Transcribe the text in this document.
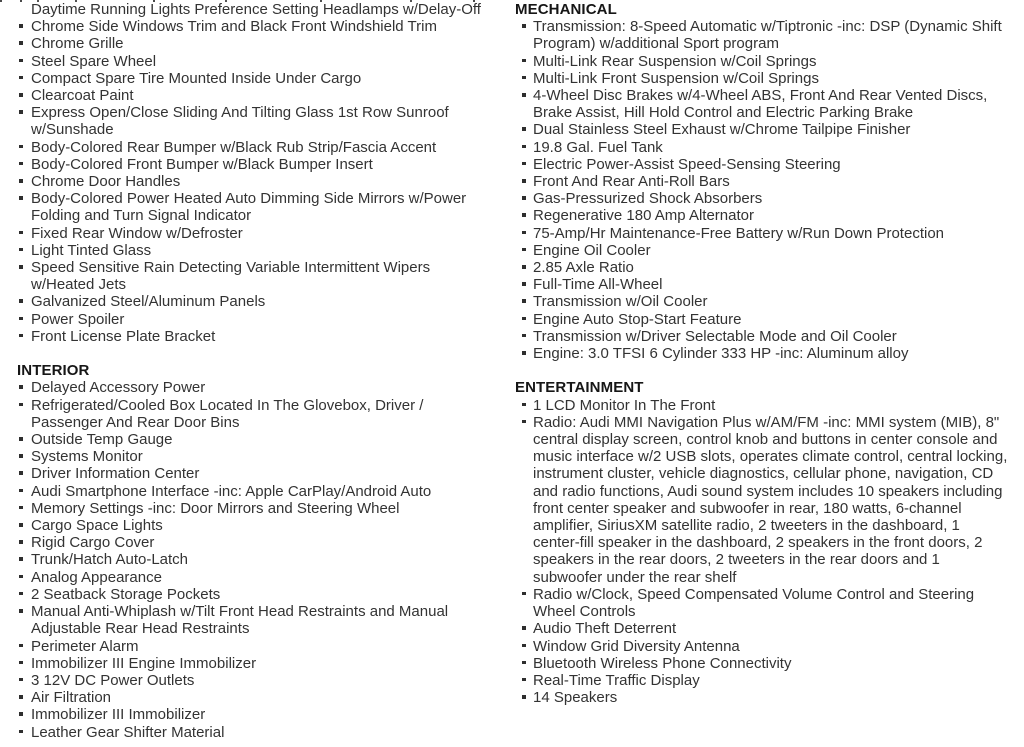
Daytime Running Lights Preference Setting Headlamps w/Delay-Off
Chrome Side Windows Trim and Black Front Windshield Trim
Chrome Grille
Steel Spare Wheel
Compact Spare Tire Mounted Inside Under Cargo
Clearcoat Paint
Express Open/Close Sliding And Tilting Glass 1st Row Sunroof w/Sunshade
Body-Colored Rear Bumper w/Black Rub Strip/Fascia Accent
Body-Colored Front Bumper w/Black Bumper Insert
Chrome Door Handles
Body-Colored Power Heated Auto Dimming Side Mirrors w/Power Folding and Turn Signal Indicator
Fixed Rear Window w/Defroster
Light Tinted Glass
Speed Sensitive Rain Detecting Variable Intermittent Wipers w/Heated Jets
Galvanized Steel/Aluminum Panels
Power Spoiler
Front License Plate Bracket
INTERIOR
Delayed Accessory Power
Refrigerated/Cooled Box Located In The Glovebox, Driver / Passenger And Rear Door Bins
Outside Temp Gauge
Systems Monitor
Driver Information Center
Audi Smartphone Interface -inc: Apple CarPlay/Android Auto
Memory Settings -inc: Door Mirrors and Steering Wheel
Cargo Space Lights
Rigid Cargo Cover
Trunk/Hatch Auto-Latch
Analog Appearance
2 Seatback Storage Pockets
Manual Anti-Whiplash w/Tilt Front Head Restraints and Manual Adjustable Rear Head Restraints
Perimeter Alarm
Immobilizer III Engine Immobilizer
3 12V DC Power Outlets
Air Filtration
Immobilizer III Immobilizer
Leather Gear Shifter Material
MECHANICAL
Transmission: 8-Speed Automatic w/Tiptronic -inc: DSP (Dynamic Shift Program) w/additional Sport program
Multi-Link Rear Suspension w/Coil Springs
Multi-Link Front Suspension w/Coil Springs
4-Wheel Disc Brakes w/4-Wheel ABS, Front And Rear Vented Discs, Brake Assist, Hill Hold Control and Electric Parking Brake
Dual Stainless Steel Exhaust w/Chrome Tailpipe Finisher
19.8 Gal. Fuel Tank
Electric Power-Assist Speed-Sensing Steering
Front And Rear Anti-Roll Bars
Gas-Pressurized Shock Absorbers
Regenerative 180 Amp Alternator
75-Amp/Hr Maintenance-Free Battery w/Run Down Protection
Engine Oil Cooler
2.85 Axle Ratio
Full-Time All-Wheel
Transmission w/Oil Cooler
Engine Auto Stop-Start Feature
Transmission w/Driver Selectable Mode and Oil Cooler
Engine: 3.0 TFSI 6 Cylinder 333 HP -inc: Aluminum alloy
ENTERTAINMENT
1 LCD Monitor In The Front
Radio: Audi MMI Navigation Plus w/AM/FM -inc: MMI system (MIB), 8" central display screen, control knob and buttons in center console and music interface w/2 USB slots, operates climate control, central locking, instrument cluster, vehicle diagnostics, cellular phone, navigation, CD and radio functions, Audi sound system includes 10 speakers including front center speaker and subwoofer in rear, 180 watts, 6-channel amplifier, SiriusXM satellite radio, 2 tweeters in the dashboard, 1 center-fill speaker in the dashboard, 2 speakers in the front doors, 2 speakers in the rear doors, 2 tweeters in the rear doors and 1 subwoofer under the rear shelf
Radio w/Clock, Speed Compensated Volume Control and Steering Wheel Controls
Audio Theft Deterrent
Window Grid Diversity Antenna
Bluetooth Wireless Phone Connectivity
Real-Time Traffic Display
14 Speakers
